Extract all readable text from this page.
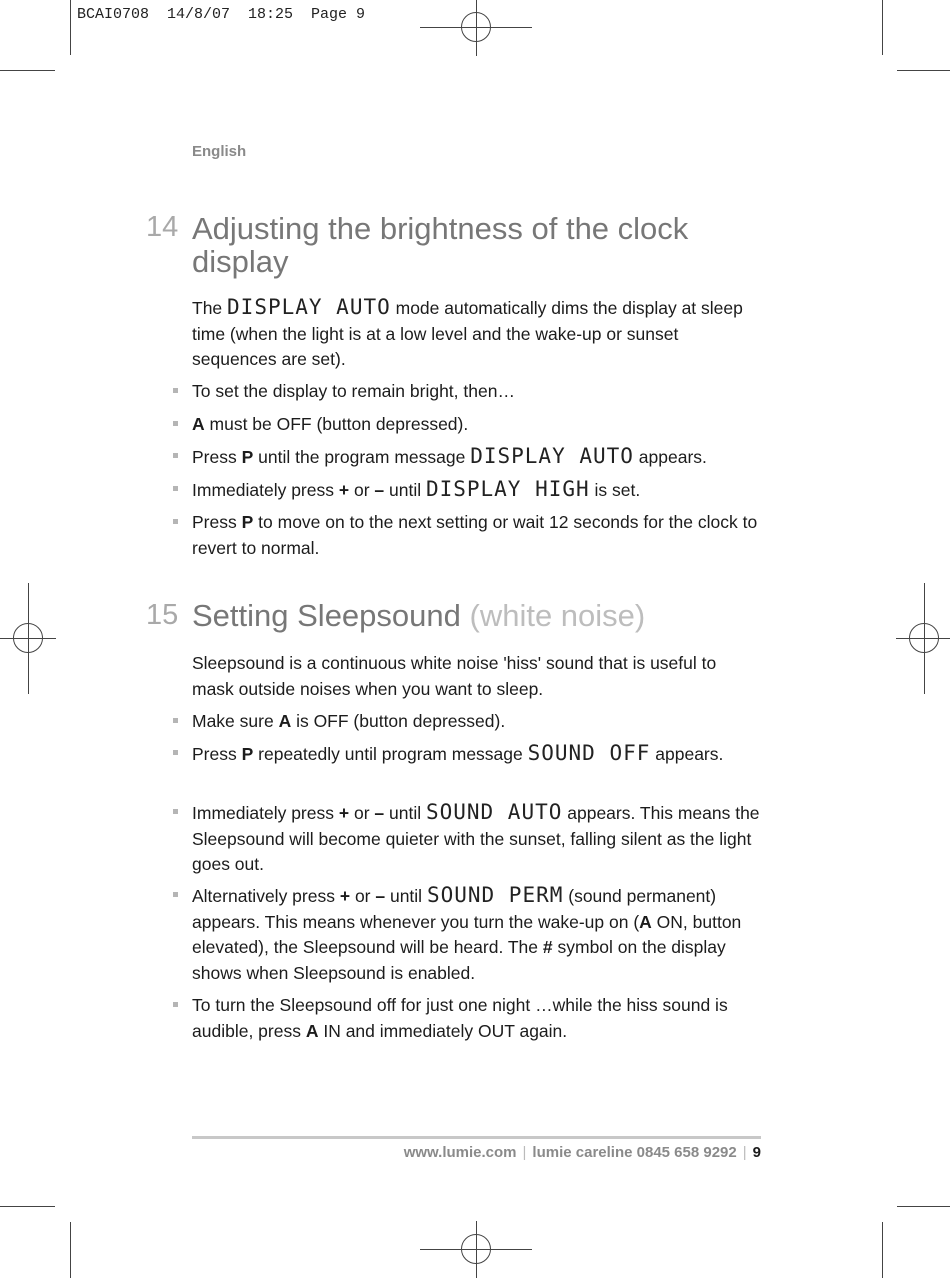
BCAI0708  14/8/07  18:25  Page 9
English
14 Adjusting the brightness of the clock display
The DISPLAY AUTO mode automatically dims the display at sleep time (when the light is at a low level and the wake-up or sunset sequences are set).
To set the display to remain bright, then…
A must be OFF (button depressed).
Press P until the program message DISPLAY AUTO appears.
Immediately press + or – until DISPLAY HIGH is set.
Press P to move on to the next setting or wait 12 seconds for the clock to revert to normal.
15 Setting Sleepsound (white noise)
Sleepsound is a continuous white noise 'hiss' sound that is useful to mask outside noises when you want to sleep.
Make sure A is OFF (button depressed).
Press P repeatedly until program message SOUND OFF appears.
Immediately press + or – until SOUND AUTO appears. This means the Sleepsound will become quieter with the sunset, falling silent as the light goes out.
Alternatively press + or – until SOUND PERM (sound permanent) appears. This means whenever you turn the wake-up on (A ON, button elevated), the Sleepsound will be heard. The # symbol on the display shows when Sleepsound is enabled.
To turn the Sleepsound off for just one night …while the hiss sound is audible, press A IN and immediately OUT again.
www.lumie.com | lumie careline 0845 658 9292 | 9
